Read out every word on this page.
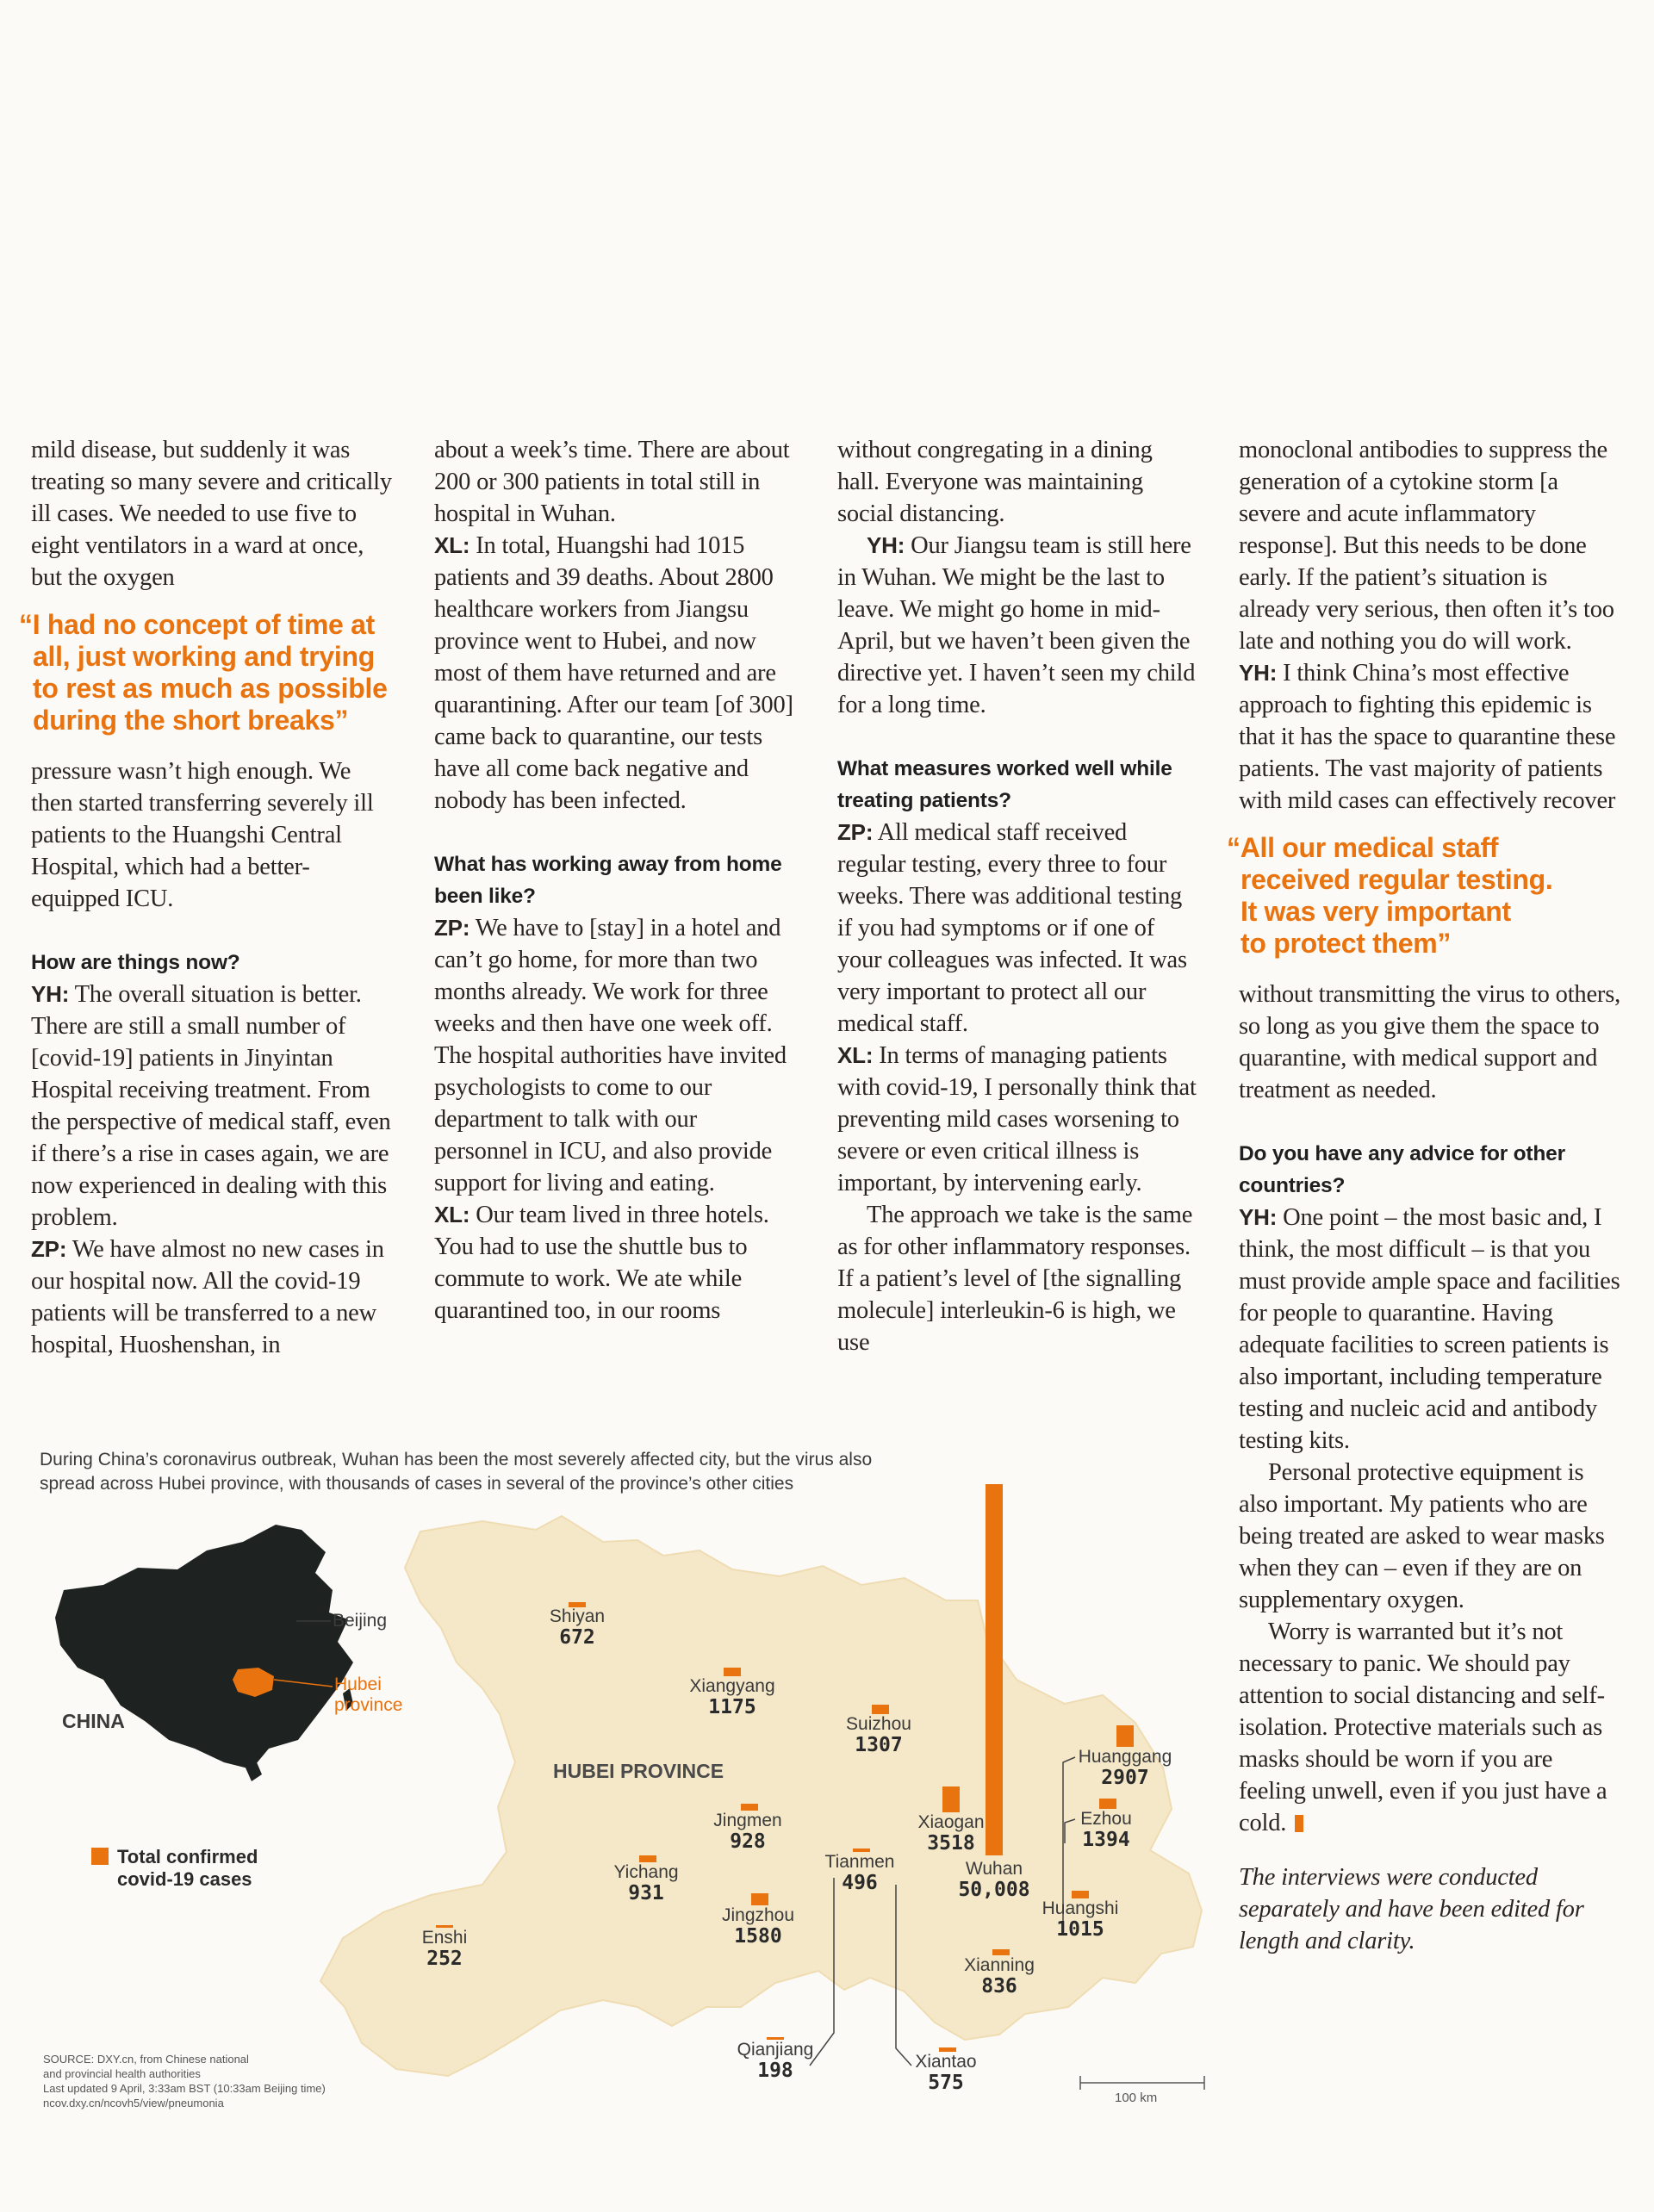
mild disease, but suddenly it was treating so many severe and critically ill cases. We needed to use five to eight ventilators in a ward at once, but the oxygen

“I had no concept of time at
all, just working and trying
to rest as much as possible
during the short breaks”

pressure wasn’t high enough. We then started transferring severely ill patients to the Huangshi Central Hospital, which had a better-equipped ICU.

How are things now?

YH: The overall situation is better. There are still a small number of [covid-19] patients in Jinyintan Hospital receiving treatment. From the perspective of medical staff, even if there’s a rise in cases again, we are now experienced in dealing with this problem.

ZP: We have almost no new cases in our hospital now. All the covid-19 patients will be transferred to a new hospital, Huoshenshan, in

about a week’s time. There are about 200 or 300 patients in total still in hospital in Wuhan.

XL: In total, Huangshi had 1015 patients and 39 deaths. About 2800 healthcare workers from Jiangsu province went to Hubei, and now most of them have returned and are quarantining. After our team [of 300] came back to quarantine, our tests have all come back negative and nobody has been infected.

What has working away from home been like?

ZP: We have to [stay] in a hotel and can’t go home, for more than two months already. We work for three weeks and then have one week off. The hospital authorities have invited psychologists to come to our department to talk with our personnel in ICU, and also provide support for living and eating.

XL: Our team lived in three hotels. You had to use the shuttle bus to commute to work. We ate while quarantined too, in our rooms

without congregating in a dining hall. Everyone was maintaining social distancing.

YH: Our Jiangsu team is still here in Wuhan. We might be the last to leave. We might go home in mid-April, but we haven’t been given the directive yet. I haven’t seen my child for a long time.

What measures worked well while treating patients?

ZP: All medical staff received regular testing, every three to four weeks. There was additional testing if you had symptoms or if one of your colleagues was infected. It was very important to protect all our medical staff.

XL: In terms of managing patients with covid-19, I personally think that preventing mild cases worsening to severe or even critical illness is important, by intervening early.

The approach we take is the same as for other inflammatory responses. If a patient’s level of [the signalling molecule] interleukin-6 is high, we use

monoclonal antibodies to suppress the generation of a cytokine storm [a severe and acute inflammatory response]. But this needs to be done early. If the patient’s situation is already very serious, then often it’s too late and nothing you do will work.

YH: I think China’s most effective approach to fighting this epidemic is that it has the space to quarantine these patients. The vast majority of patients with mild cases can effectively recover

“All our medical staff
received regular testing.
It was very important
to protect them”

without transmitting the virus to others, so long as you give them the space to quarantine, with medical support and treatment as needed.

Do you have any advice for other countries?

YH: One point – the most basic and, I think, the most difficult – is that you must provide ample space and facilities for people to quarantine. Having adequate facilities to screen patients is also important, including temperature testing and nucleic acid and antibody testing kits.

Personal protective equipment is also important. My patients who are being treated are asked to wear masks when they can – even if they are on supplementary oxygen.

Worry is warranted but it’s not necessary to panic. We should pay attention to social distancing and self-isolation. Protective materials such as masks should be worn if you are feeling unwell, even if you just have a cold.

The interviews were conducted separately and have been edited for length and clarity.

During China’s coronavirus outbreak, Wuhan has been the most severely affected city, but the virus also spread across Hubei province, with thousands of cases in several of the province’s other cities
CHINA
Beijing
Hubei
province
HUBEI PROVINCE
Total confirmed
covid-19 cases
SOURCE: DXY.cn, from Chinese national
and provincial health authorities
Last updated 9 April, 3:33am BST (10:33am Beijing time)
ncov.dxy.cn/ncovh5/view/pneumonia	100 km
Shiyan
672
Xiangyang
1175
Suizhou
1307
Jingmen
928
Yichang
931
Enshi
252
Jingzhou
1580
Tianmen
496
Xiaogan
3518
Wuhan
50,008
Huanggang
2907
Ezhou
1394
Huangshi
1015
Xianning
836
Qianjiang
198	Xiantao
575
